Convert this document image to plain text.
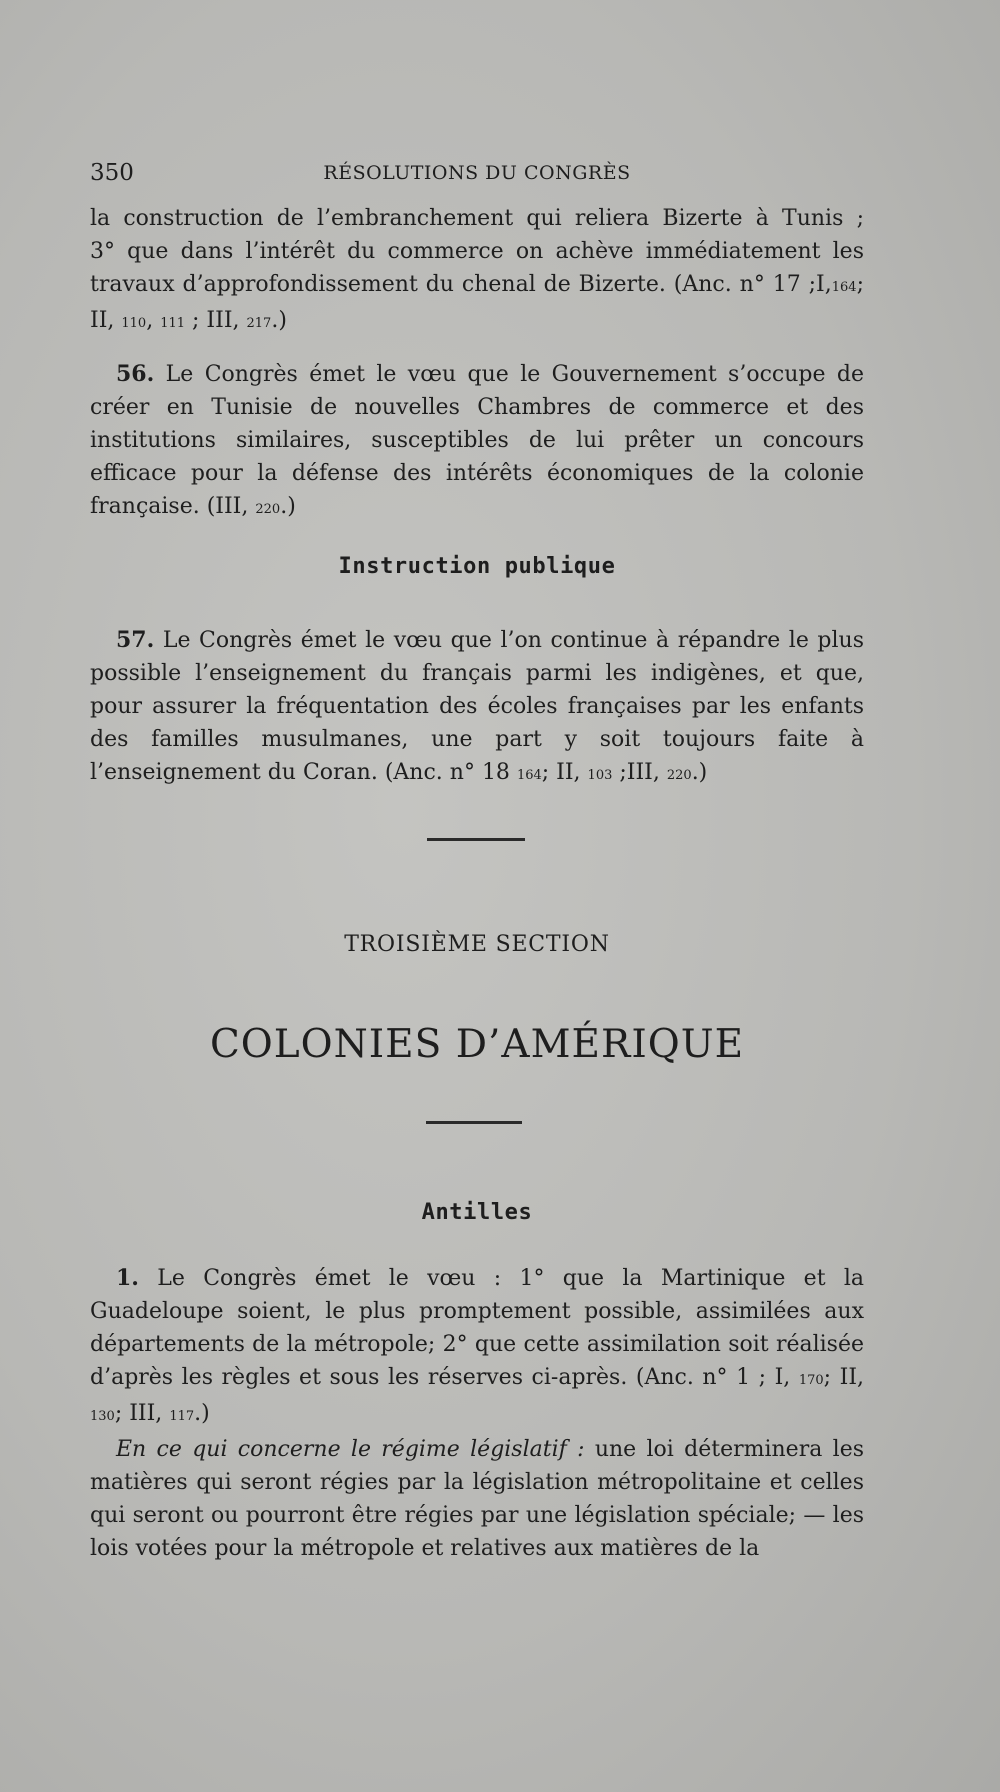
350	RÉSOLUTIONS DU CONGRÈS

la construction de l’embranchement qui reliera Bizerte à Tunis ;

3° que dans l’intérêt du commerce on achève immédiatement les

travaux d’approfondissement du chenal de Bizerte. (Anc. n° 17 ;I,164;

II, 110, 111 ; III, 217.)

56. Le Congrès émet le vœu que le Gouvernement s’occupe de créer en Tunisie de nouvelles Chambres de commerce et des institutions similaires, susceptibles de lui prêter un concours efficace pour la défense des intérêts économiques de la colonie française. (III, 220.)

Instruction publique

57. Le Congrès émet le vœu que l’on continue à répandre le plus possible l’enseignement du français parmi les indigènes, et que, pour assurer la fréquentation des écoles françaises par les enfants des familles musulmanes, une part y soit toujours faite à l’enseignement du Coran. (Anc. n° 18 164; II, 103 ;III, 220.)

TROISIÈME SECTION
COLONIES D’AMÉRIQUE
Antilles

1. Le Congrès émet le vœu : 1° que la Martinique et la Guadeloupe soient, le plus promptement possible, assimilées aux départements de la métropole; 2° que cette assimilation soit réalisée d’après les règles et sous les réserves ci-après. (Anc. n° 1 ; I, 170; II, 130; III, 117.)

En ce qui concerne le régime législatif : une loi déterminera les matières qui seront régies par la législation métropolitaine et celles qui seront ou pourront être régies par une législation spéciale; — les lois votées pour la métropole et relatives aux matières de la
